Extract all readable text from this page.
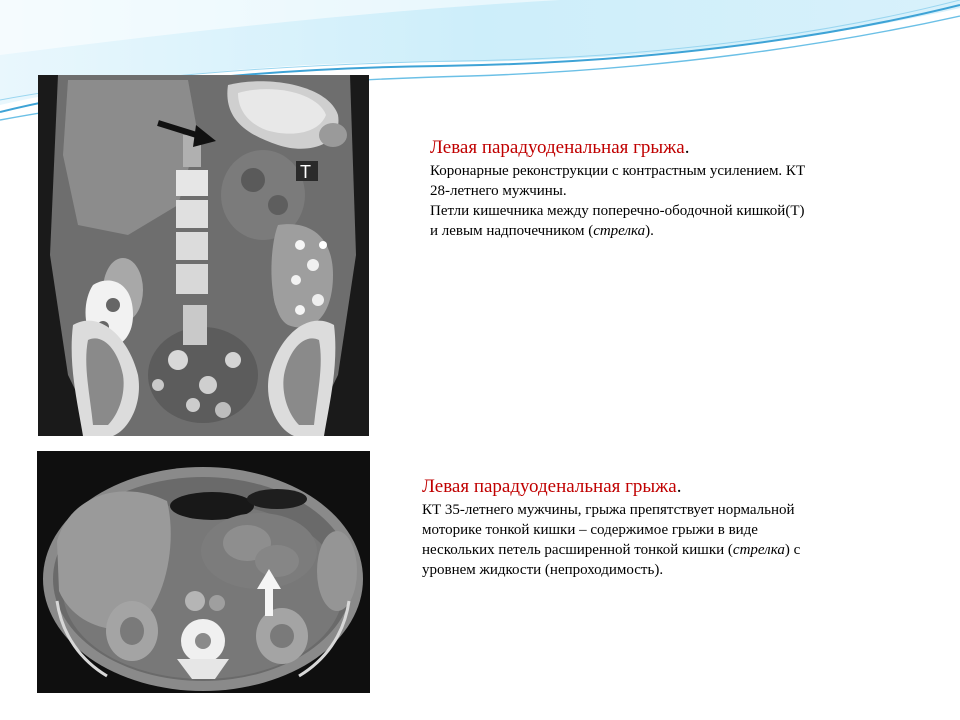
T
Левая парадуоденальная грыжа.
Коронарные реконструкции с контрастным усилением. КТ
28-летнего мужчины.
Петли кишечника между поперечно-ободочной кишкой(Т)
и левым надпочечником (стрелка).
Левая парадуоденальная грыжа.
КТ 35-летнего мужчины, грыжа препятствует нормальной
моторике тонкой кишки – содержимое грыжи в виде
нескольких петель расширенной тонкой кишки (стрелка) с
уровнем жидкости (непроходимость).
